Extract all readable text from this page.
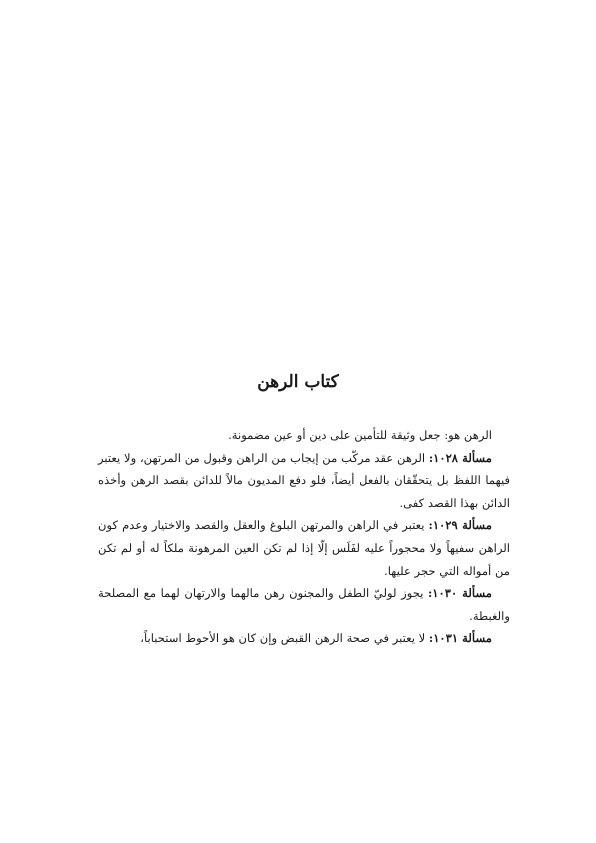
كتاب الرهن

الرهن هو: جعل وثيقة للتأمين على دين أو عين مضمونة.

مسألة ١٠٢٨: الرهن عقد مركّب من إيجاب من الراهن وقبول من المرتهن، ولا يعتبر فيهما اللفظ بل يتحقّقان بالفعل أيضاً، فلو دفع المديون مالاً للدائن بقصد الرهن وأخذه الدائن بهذا القصد كفى.

مسألة ١٠٢٩: يعتبر في الراهن والمرتهن البلوغ والعقل والقصد والاختيار وعدم كون الراهن سفيهاً ولا محجوراً عليه لفَلَس إلّا إذا لم تكن العين المرهونة ملكاً له أو لم تكن من أمواله التي حجر عليها.

مسألة ١٠٣٠: يجوز لوليّ الطفل والمجنون رهن مالهما والارتهان لهما مع المصلحة والغبطة.

مسألة ١٠٣١: لا يعتبر في صحة الرهن القبض وإن كان هو الأحوط استحباباً،
